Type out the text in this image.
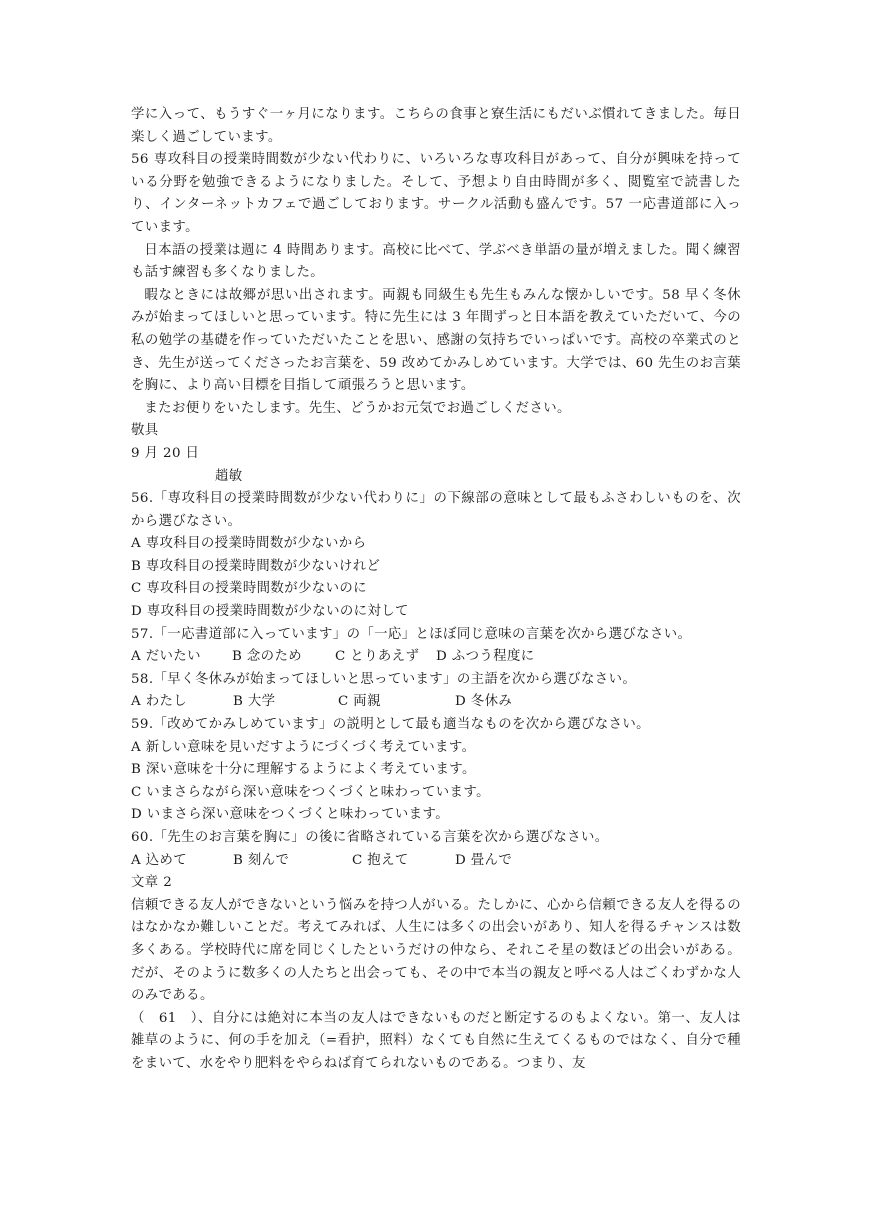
学に入って、もうすぐ一ヶ月になります。こちらの食事と寮生活にもだいぶ慣れてきました。毎日楽しく過ごしています。

56 専攻科目の授業時間数が少ない代わりに、いろいろな専攻科目があって、自分が興味を持っている分野を勉強できるようになりました。そして、予想より自由時間が多く、閲覧室で読書したり、インターネットカフェで過ごしております。サークル活動も盛んです。57 一応書道部に入っています。

日本語の授業は週に 4 時間あります。高校に比べて、学ぶべき単語の量が増えました。聞く練習も話す練習も多くなりました。

暇なときには故郷が思い出されます。両親も同級生も先生もみんな懐かしいです。58 早く冬休みが始まってほしいと思っています。特に先生には 3 年間ずっと日本語を教えていただいて、今の私の勉学の基礎を作っていただいたことを思い、感謝の気持ちでいっぱいです。高校の卒業式のとき、先生が送ってくださったお言葉を、59 改めてかみしめています。大学では、60 先生のお言葉を胸に、より高い目標を目指して頑張ろうと思います。

またお便りをいたします。先生、どうかお元気でお過ごしください。

敬具

9 月 20 日

趙敏

56.「専攻科目の授業時間数が少ない代わりに」の下線部の意味として最もふさわしいものを、次から選びなさい。

A 専攻科目の授業時間数が少ないから

B 専攻科目の授業時間数が少ないけれど

C 専攻科目の授業時間数が少ないのに

D 専攻科目の授業時間数が少ないのに対して

57.「一応書道部に入っています」の「一応」とほぼ同じ意味の言葉を次から選びなさい。

A だいたい	B 念のため	C とりあえず	D ふつう程度に

58.「早く冬休みが始まってほしいと思っています」の主語を次から選びなさい。

A わたし	B 大学	C 両親	D 冬休み

59.「改めてかみしめています」の説明として最も適当なものを次から選びなさい。

A 新しい意味を見いだすようにづくづく考えています。

B 深い意味を十分に理解するようによく考えています。

C いまさらながら深い意味をつくづくと味わっています。

D いまさら深い意味をつくづくと味わっています。

60.「先生のお言葉を胸に」の後に省略されている言葉を次から選びなさい。

A 込めて	B 刻んで	C 抱えて	D 畳んで

文章 2

信頼できる友人ができないという悩みを持つ人がいる。たしかに、心から信頼できる友人を得るのはなかなか難しいことだ。考えてみれば、人生には多くの出会いがあり、知人を得るチャンスは数多くある。学校時代に席を同じくしたというだけの仲なら、それこそ星の数ほどの出会いがある。だが、そのように数多くの人たちと出会っても、その中で本当の親友と呼べる人はごくわずかな人のみである。

（　61　）、自分には絶対に本当の友人はできないものだと断定するのもよくない。第一、友人は雑草のように、何の手を加え（=看护，照料）なくても自然に生えてくるものではなく、自分で種をまいて、水をやり肥料をやらねば育てられないものである。つまり、友
